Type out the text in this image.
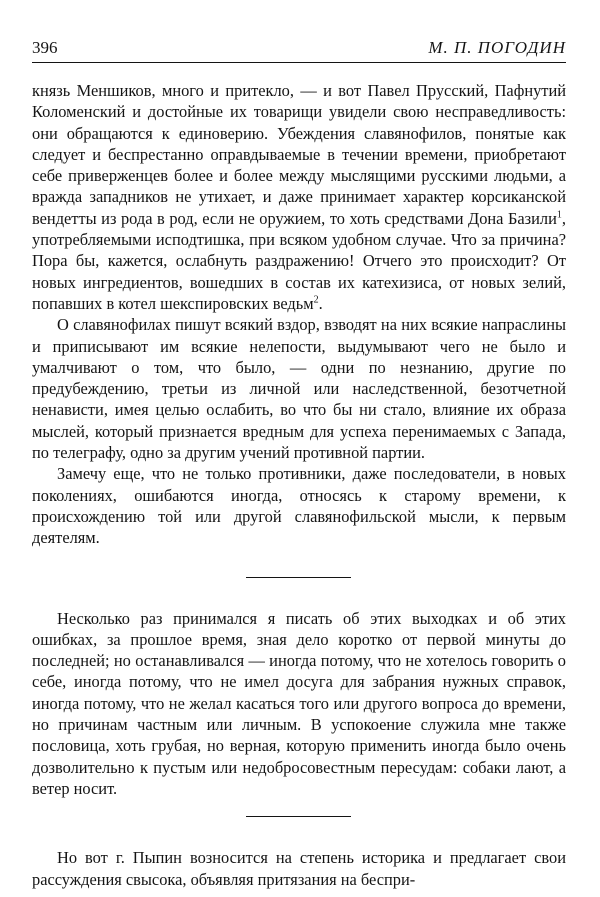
396	М. П. ПОГОДИН

князь Меншиков, много и притекло, — и вот Павел Прусский, Пафнутий Коломенский и достойные их товарищи увидели свою несправедливость: они обращаются к единоверию. Убеждения славянофилов, понятые как следует и беспрестанно оправдываемые в течении времени, приобретают себе приверженцев более и более между мыслящими русскими людьми, а вражда западников не утихает, и даже принимает характер корсиканской вендетты из рода в род, если не оружием, то хоть средствами Дона Базили$^1$, употребляемыми исподтишка, при всяком удобном случае. Что за причина? Пора бы, кажется, ослабнуть раздражению! Отчего это происходит? От новых ингредиентов, вошедших в состав их катехизиса, от новых зелий, попавших в котел шекспировских ведьм$^2$.

О славянофилах пишут всякий вздор, взводят на них всякие напраслины и приписывают им всякие нелепости, выдумывают чего не было и умалчивают о том, что было, — одни по незнанию, другие по предубеждению, третьи из личной или наследственной, безотчетной ненависти, имея целью ослабить, во что бы ни стало, влияние их образа мыслей, который признается вредным для успеха перенимаемых с Запада, по телеграфу, одно за другим учений противной партии.

Замечу еще, что не только противники, даже последователи, в новых поколениях, ошибаются иногда, относясь к старому времени, к происхождению той или другой славянофильской мысли, к первым деятелям.

Несколько раз принимался я писать об этих выходках и об этих ошибках, за прошлое время, зная дело коротко от первой минуты до последней; но останавливался — иногда потому, что не хотелось говорить о себе, иногда потому, что не имел досуга для забрания нужных справок, иногда потому, что не желал касаться того или другого вопроса до времени, но причинам частным или личным. В успокоение служила мне также пословица, хоть грубая, но верная, которую применить иногда было очень дозволительно к пустым или недобросовестным пересудам: собаки лают, а ветер носит.

Но вот г. Пыпин возносится на степень историка и предлагает свои рассуждения свысока, объявляя притязания на беспри-
